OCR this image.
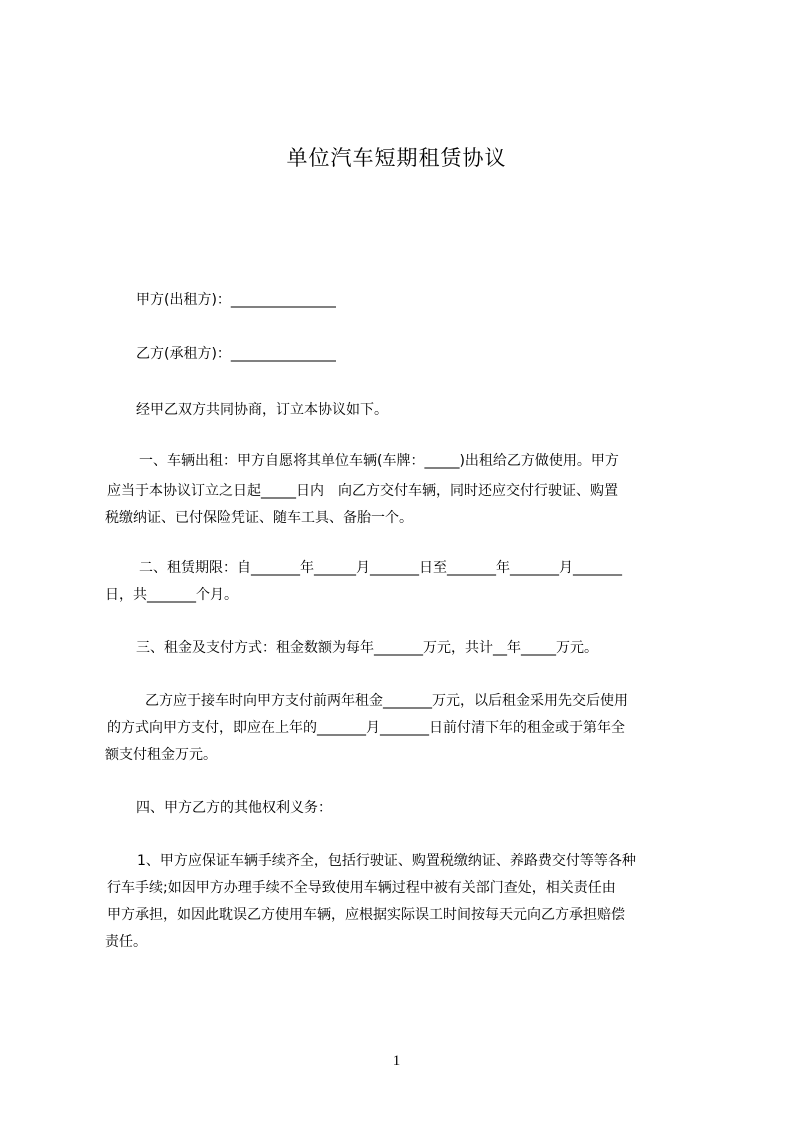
单位汽车短期租赁协议
甲方(出租方)：_______________
乙方(承租方)：_______________
经甲乙双方共同协商，订立本协议如下。
一、车辆出租：甲方自愿将其单位车辆(车牌：_____)出租给乙方做使用。甲方
应当于本协议订立之日起_____日内　向乙方交付车辆，同时还应交付行驶证、购置
税缴纳证、已付保险凭证、随车工具、备胎一个。
二、租赁期限：自_______年______月_______日至_______年_______月_______
日，共_______个月。
三、租金及支付方式：租金数额为每年_______万元，共计__年_____万元。
乙方应于接车时向甲方支付前两年租金_______万元，以后租金采用先交后使用
的方式向甲方支付，即应在上年的_______月_______日前付清下年的租金或于第年全
额支付租金万元。
四、甲方乙方的其他权利义务：
1、甲方应保证车辆手续齐全，包括行驶证、购置税缴纳证、养路费交付等等各种
行车手续;如因甲方办理手续不全导致使用车辆过程中被有关部门查处，相关责任由
甲方承担，如因此耽误乙方使用车辆，应根据实际误工时间按每天元向乙方承担赔偿
责任。
1
